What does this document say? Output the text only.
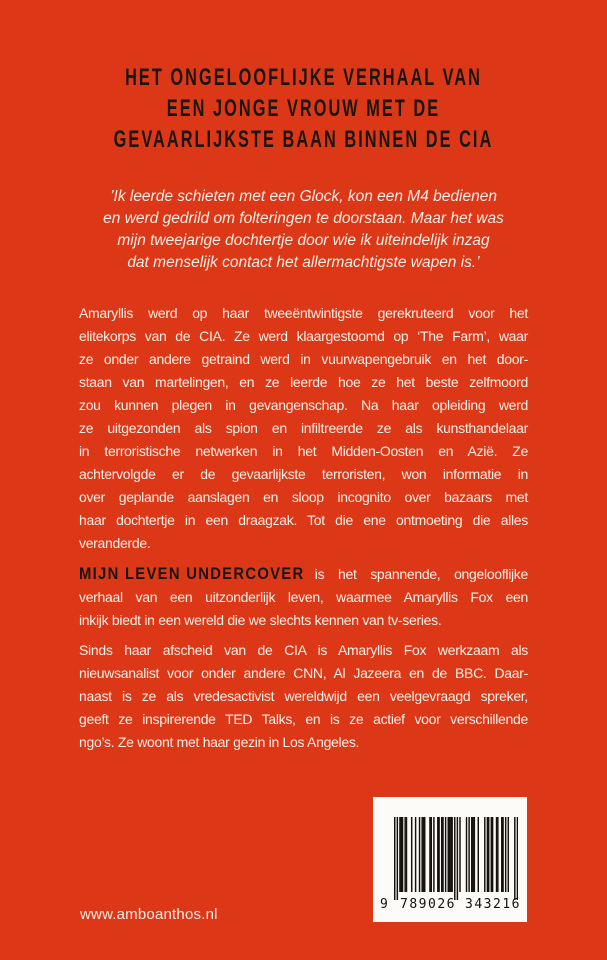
HET ONGELOOFLIJKE VERHAAL VAN
EEN JONGE VROUW MET DE
GEVAARLIJKSTE BAAN BINNEN DE CIA
’Ik leerde schieten met een Glock, kon een M4 bedienen
en werd gedrild om folteringen te doorstaan. Maar het was
mijn tweejarige dochtertje door wie ik uiteindelijk inzag
dat menselijk contact het allermachtigste wapen is.’
Amaryllis werd op haar tweeëntwintigste gerekruteerd voor het
elitekorps van de CIA. Ze werd klaargestoomd op ‘The Farm’, waar
ze onder andere getraind werd in vuurwapengebruik en het door-
staan van martelingen, en ze leerde hoe ze het beste zelfmoord
zou kunnen plegen in gevangenschap. Na haar opleiding werd
ze uitgezonden als spion en infiltreerde ze als kunsthandelaar
in terroristische netwerken in het Midden-Oosten en Azië. Ze
achtervolgde er de gevaarlijkste terroristen, won informatie in
over geplande aanslagen en sloop incognito over bazaars met
haar dochtertje in een draagzak. Tot die ene ontmoeting die alles
veranderde.
MIJN LEVEN UNDERCOVER is het spannende, ongelooflijke
verhaal van een uitzonderlijk leven, waarmee Amaryllis Fox een
inkijk biedt in een wereld die we slechts kennen van tv-series.
Sinds haar afscheid van de CIA is Amaryllis Fox werkzaam als
nieuwsanalist voor onder andere CNN, Al Jazeera en de BBC. Daar-
naast is ze als vredesactivist wereldwijd een veelgevraagd spreker,
geeft ze inspirerende TED Talks, en is ze actief voor verschillende
ngo’s. Ze woont met haar gezin in Los Angeles.
www.amboanthos.nl
9 789026 343216
